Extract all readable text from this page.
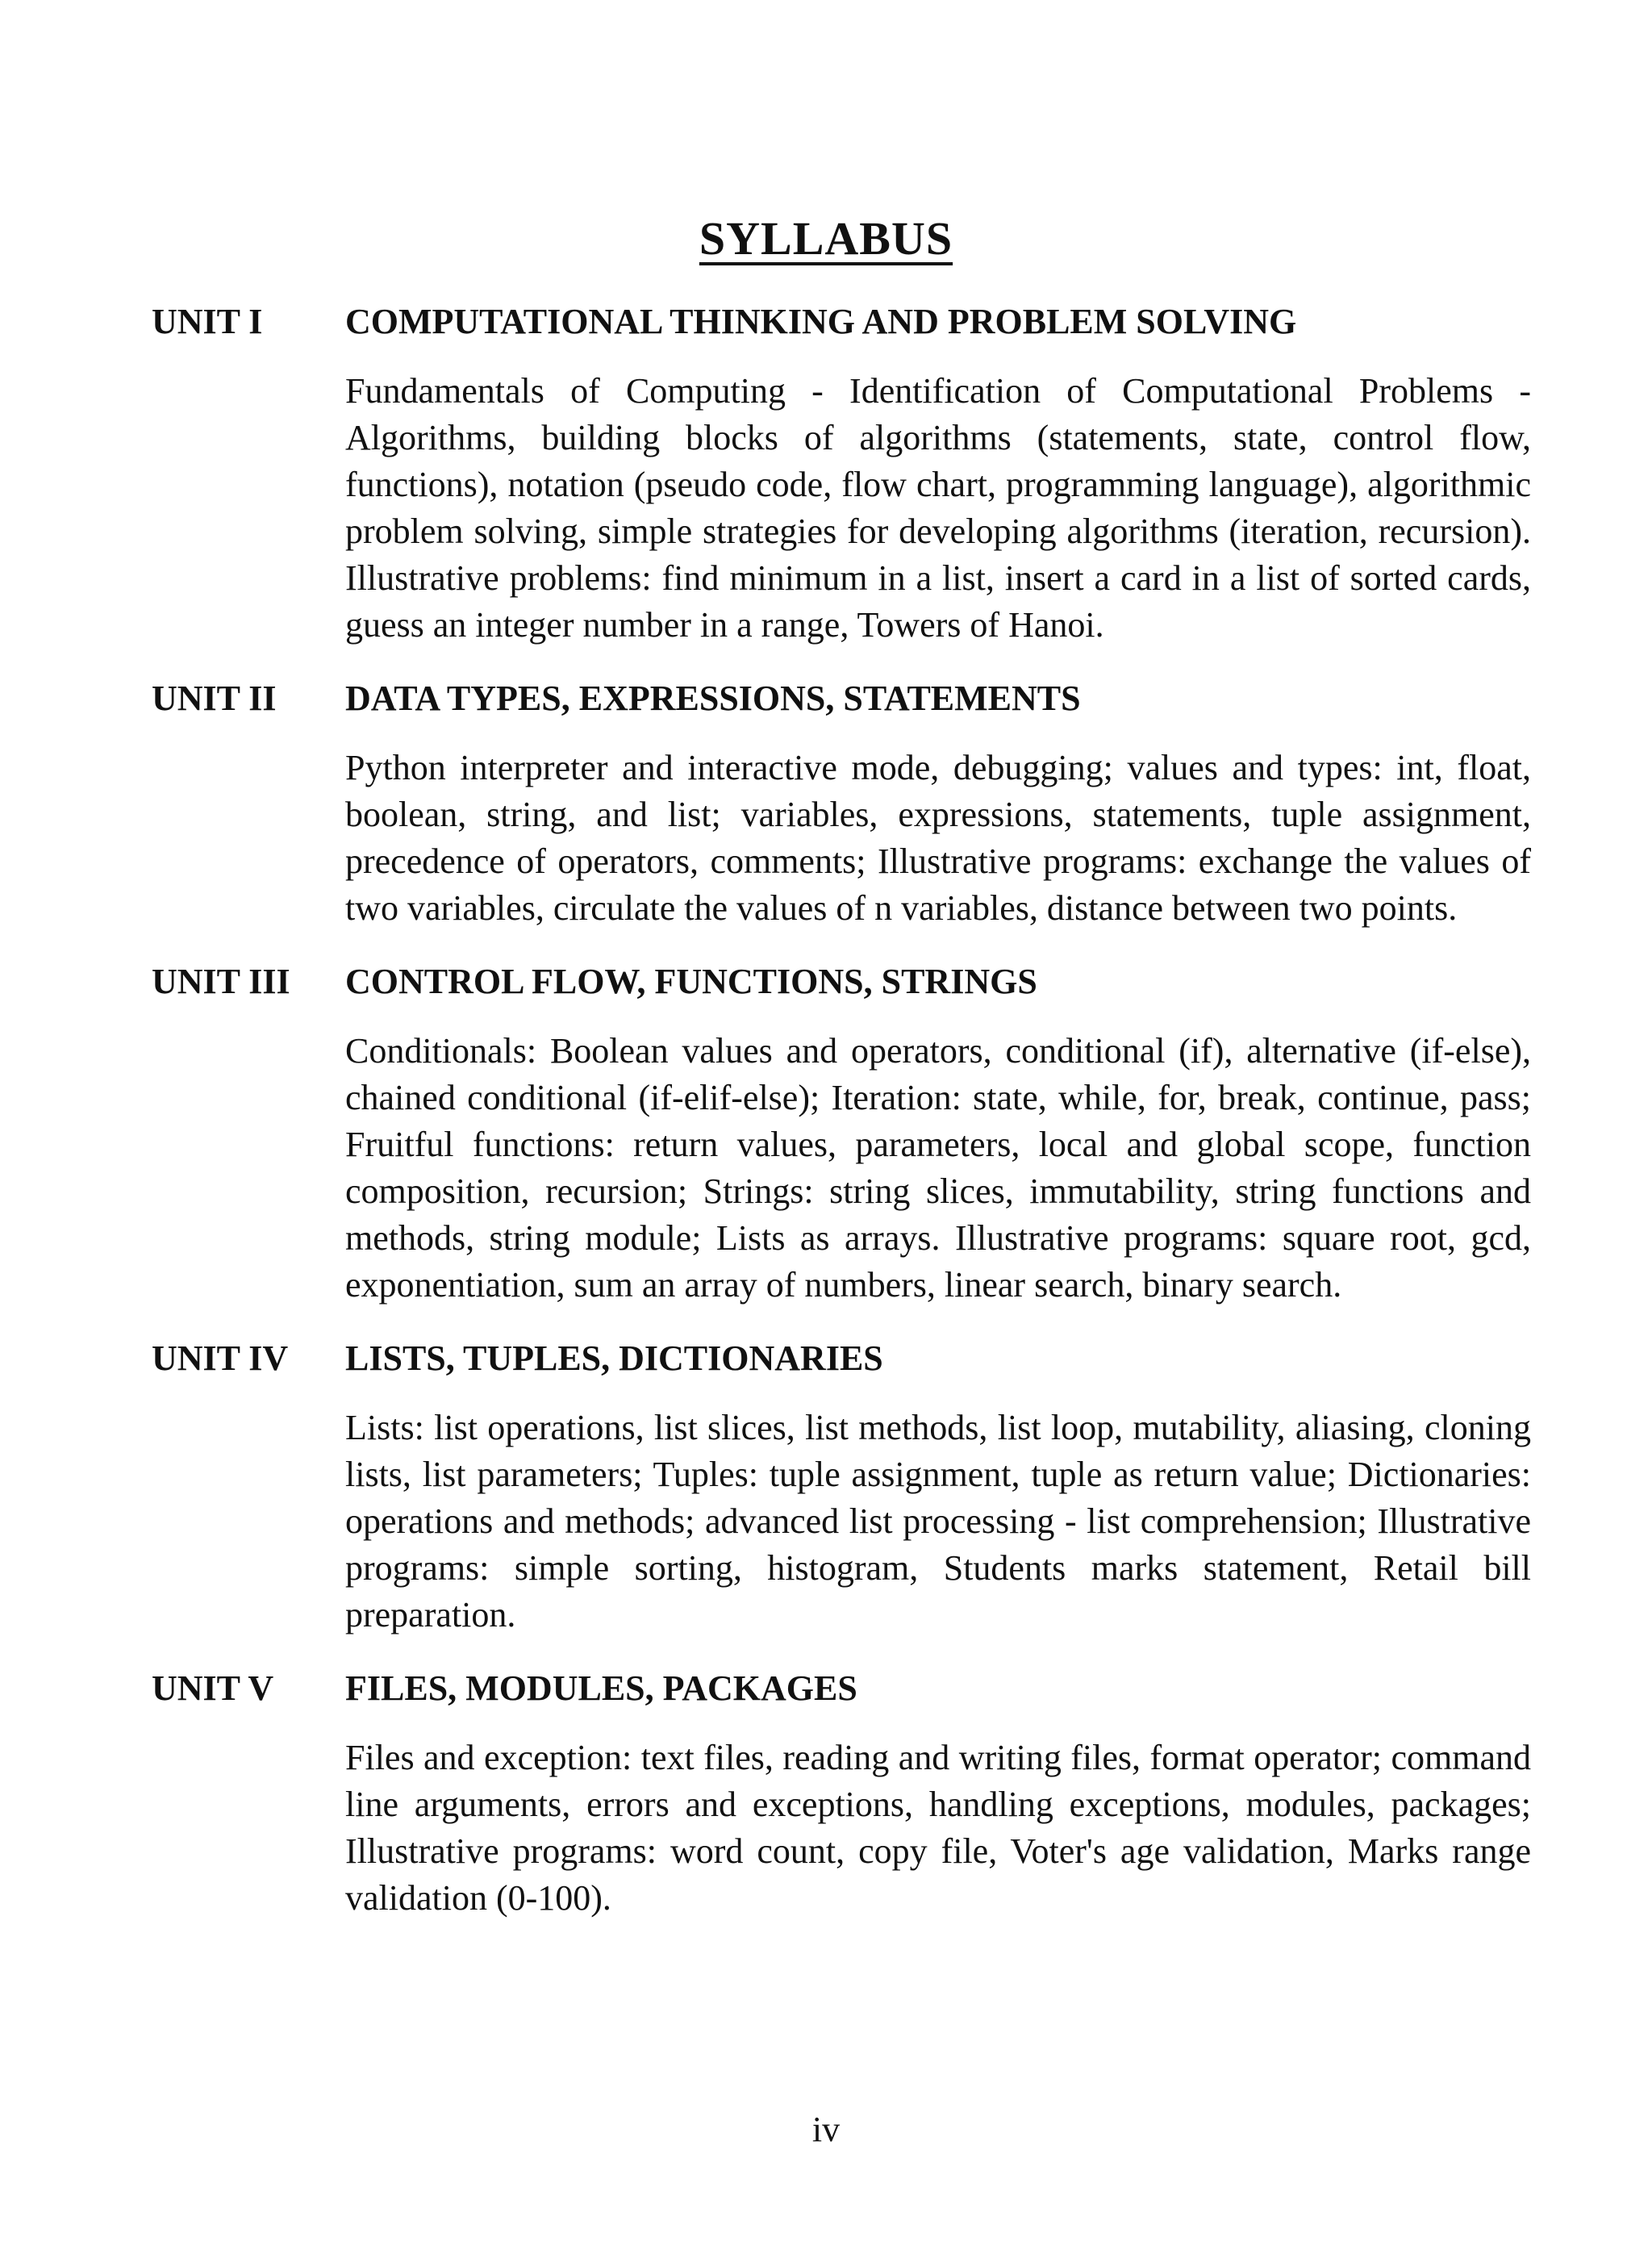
SYLLABUS
UNIT I	COMPUTATIONAL THINKING AND PROBLEM SOLVING
Fundamentals of Computing - Identification of Computational Problems - Algorithms, building blocks of algorithms (statements, state, control flow, functions), notation (pseudo code, flow chart, programming language), algorithmic problem solving, simple strategies for developing algorithms (iteration, recursion). Illustrative problems: find minimum in a list, insert a card in a list of sorted cards, guess an integer number in a range, Towers of Hanoi.
UNIT II	DATA TYPES, EXPRESSIONS, STATEMENTS
Python interpreter and interactive mode, debugging; values and types: int, float, boolean, string, and list; variables, expressions, statements, tuple assignment, precedence of operators, comments; Illustrative programs: exchange the values of two variables, circulate the values of n variables, distance between two points.
UNIT III	CONTROL FLOW, FUNCTIONS, STRINGS
Conditionals: Boolean values and operators, conditional (if), alternative (if-else), chained conditional (if-elif-else); Iteration: state, while, for, break, continue, pass; Fruitful functions: return values, parameters, local and global scope, function composition, recursion; Strings: string slices, immutability, string functions and methods, string module; Lists as arrays. Illustrative programs: square root, gcd, exponentiation, sum an array of numbers, linear search, binary search.
UNIT IV	LISTS, TUPLES, DICTIONARIES
Lists: list operations, list slices, list methods, list loop, mutability, aliasing, cloning lists, list parameters; Tuples: tuple assignment, tuple as return value; Dictionaries: operations and methods; advanced list processing - list comprehension; Illustrative programs: simple sorting, histogram, Students marks statement, Retail bill preparation.
UNIT V	FILES, MODULES, PACKAGES
Files and exception: text files, reading and writing files, format operator; command line arguments, errors and exceptions, handling exceptions, modules, packages; Illustrative programs: word count, copy file, Voter's age validation, Marks range validation (0-100).
iv
